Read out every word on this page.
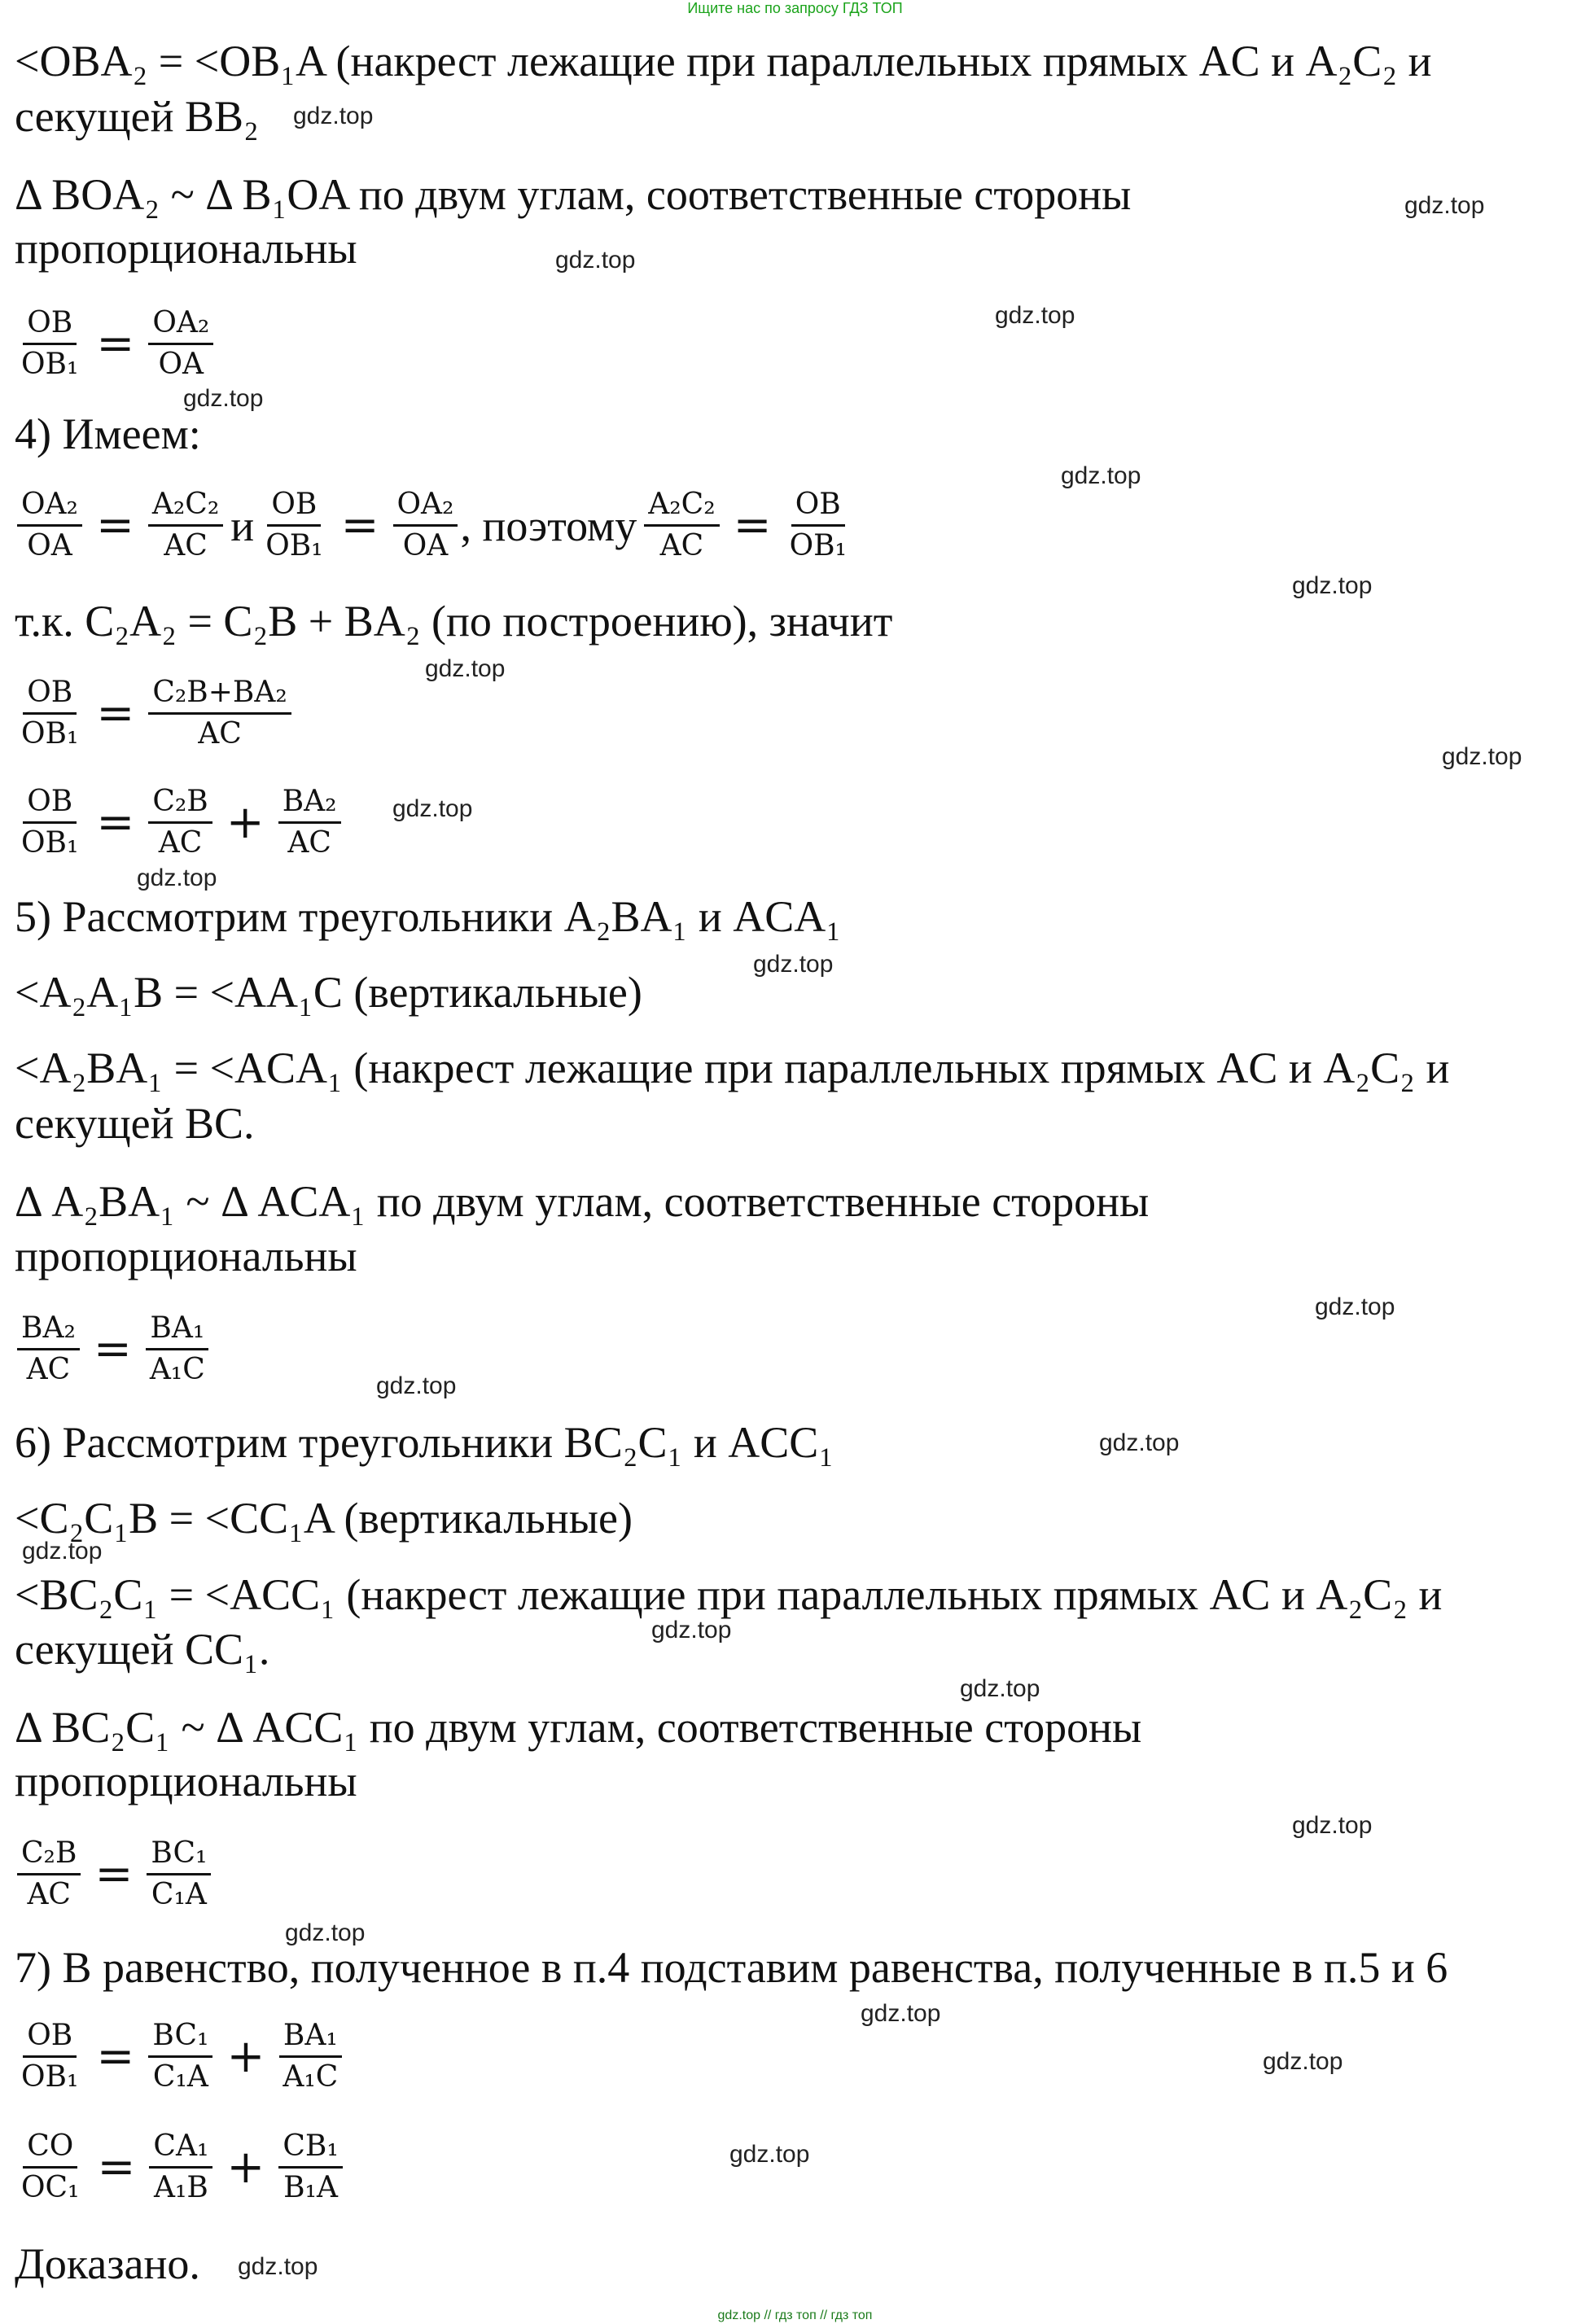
Ищите нас по запросу ГДЗ ТОП
<OBA₂ = <OB₁A (накрест лежащие при параллельных прямых AC и A₂C₂ и
секущей BB₂
Δ BOA₂ ~ Δ B₁OA по двум углам, соответственные стороны
пропорциональны
$\frac{OB}{\text{OB₁}} = \frac{\text{OA₂}}{OA}$
4) Имеем:
$\frac{\text{OA₂}}{OA} = \frac{\text{A₂C₂}}{AC}$ и $\frac{OB}{\text{OB₁}} = \frac{\text{OA₂}}{OA}$ , поэтому $\frac{\text{A₂C₂}}{AC} = \frac{OB}{\text{OB₁}}$
т.к. C₂A₂ = C₂B + BA₂ (по построению), значит
$\frac{OB}{\text{OB₁}} = \frac{\text{C₂B+BA₂}}{AC}$
$\frac{OB}{\text{OB₁}} = \frac{\text{C₂B}}{AC} + \frac{\text{BA₂}}{AC}$
5) Рассмотрим треугольники A₂BA₁ и ACA₁
<A₂A₁B = <AA₁C (вертикальные)
<A₂BA₁ = <ACA₁ (накрест лежащие при параллельных прямых AC и A₂C₂ и
секущей BC.
Δ A₂BA₁ ~ Δ ACA₁ по двум углам, соответственные стороны
пропорциональны
$\frac{\text{BA₂}}{AC} = \frac{\text{BA₁}}{\text{A₁C}}$
6) Рассмотрим треугольники BC₂C₁ и ACC₁
<C₂C₁B = <CC₁A (вертикальные)
<BC₂C₁ = <ACC₁ (накрест лежащие при параллельных прямых AC и A₂C₂ и
секущей CC₁.
Δ BC₂C₁ ~ Δ ACC₁ по двум углам, соответственные стороны
пропорциональны
$\frac{\text{C₂B}}{AC} = \frac{\text{BC₁}}{\text{C₁A}}$
7) В равенство, полученное в п.4 подставим равенства, полученные в п.5 и 6
$\frac{OB}{\text{OB₁}} = \frac{\text{BC₁}}{\text{C₁A}} + \frac{\text{BA₁}}{\text{A₁C}}$
$\frac{CO}{\text{OC₁}} = \frac{\text{CA₁}}{\text{A₁B}} + \frac{\text{CB₁}}{\text{B₁A}}$
Доказано.
gdz.top
gdz.top
gdz.top
gdz.top
gdz.top
gdz.top
gdz.top
gdz.top
gdz.top
gdz.top
gdz.top
gdz.top
gdz.top
gdz.top
gdz.top
gdz.top
gdz.top
gdz.top
gdz.top
gdz.top
gdz.top
gdz.top
gdz.top
gdz.top
gdz.top // гдз топ // гдз топ
